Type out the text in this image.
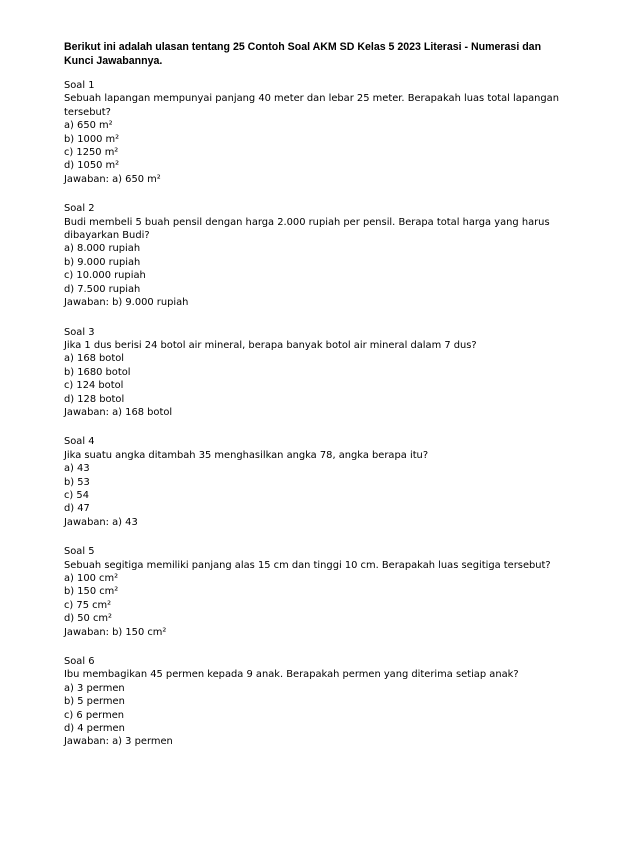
Berikut ini adalah ulasan tentang 25 Contoh Soal AKM SD Kelas 5 2023 Literasi - Numerasi dan Kunci Jawabannya.

Soal 1
Sebuah lapangan mempunyai panjang 40 meter dan lebar 25 meter. Berapakah luas total lapangan tersebut?
a) 650 m²
b) 1000 m²
c) 1250 m²
d) 1050 m²
Jawaban: a) 650 m²
Soal 2
Budi membeli 5 buah pensil dengan harga 2.000 rupiah per pensil. Berapa total harga yang harus dibayarkan Budi?
a) 8.000 rupiah
b) 9.000 rupiah
c) 10.000 rupiah
d) 7.500 rupiah
Jawaban: b) 9.000 rupiah
Soal 3
Jika 1 dus berisi 24 botol air mineral, berapa banyak botol air mineral dalam 7 dus?
a) 168 botol
b) 1680 botol
c) 124 botol
d) 128 botol
Jawaban: a) 168 botol
Soal 4
Jika suatu angka ditambah 35 menghasilkan angka 78, angka berapa itu?
a) 43
b) 53
c) 54
d) 47
Jawaban: a) 43
Soal 5
Sebuah segitiga memiliki panjang alas 15 cm dan tinggi 10 cm. Berapakah luas segitiga tersebut?
a) 100 cm²
b) 150 cm²
c) 75 cm²
d) 50 cm²
Jawaban: b) 150 cm²
Soal 6
Ibu membagikan 45 permen kepada 9 anak. Berapakah permen yang diterima setiap anak?
a) 3 permen
b) 5 permen
c) 6 permen
d) 4 permen
Jawaban: a) 3 permen
